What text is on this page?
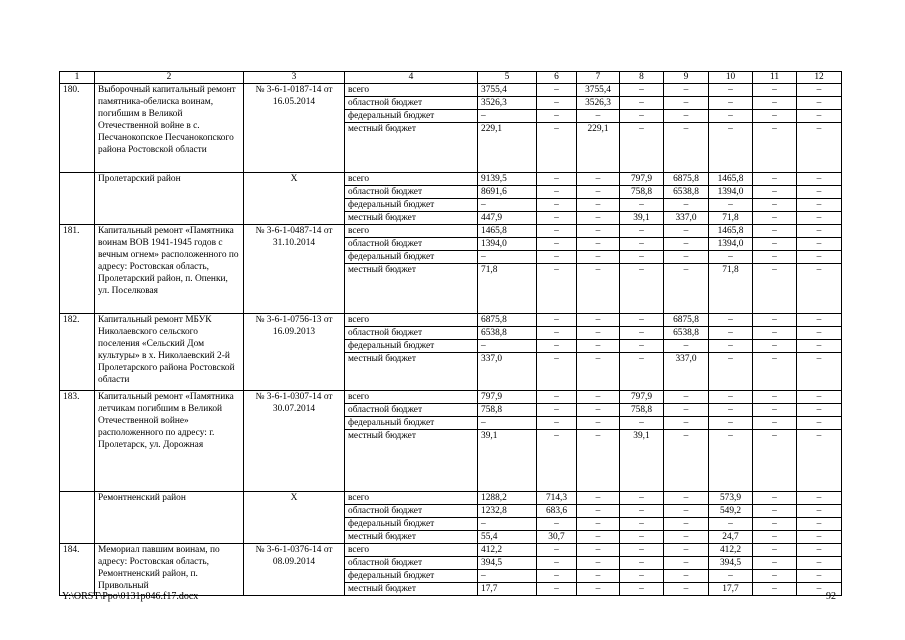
1	2	3	4	5	6	7	8	9	10	11	12
180.	Выборочный капитальный ремонт памятника-обелиска воинам, погибшим в Великой Отечественной войне в с. Песчанокопское Песчанокопского района Ростовской области	№ 3-6-1-0187-14 от 16.05.2014	всего	3755,4	–	3755,4	–	–	–	–	–
			областной бюджет	3526,3	–	3526,3	–	–	–	–	–
			федеральный бюджет	–	–	–	–	–	–	–	–
			местный бюджет	229,1	–	229,1	–	–	–	–	–
	Пролетарский район	Х	всего	9139,5	–	–	797,9	6875,8	1465,8	–	–
			областной бюджет	8691,6	–	–	758,8	6538,8	1394,0	–	–
			федеральный бюджет	–	–	–	–	–	–	–	–
			местный бюджет	447,9	–	–	39,1	337,0	71,8	–	–
181.	Капитальный ремонт «Памятника воинам ВОВ 1941-1945 годов с вечным огнем» расположенного по адресу: Ростовская область, Пролетарский район, п. Опенки, ул. Поселковая	№ 3-6-1-0487-14 от 31.10.2014	всего	1465,8	–	–	–	–	1465,8	–	–
			областной бюджет	1394,0	–	–	–	–	1394,0	–	–
			федеральный бюджет	–	–	–	–	–	–	–	–
			местный бюджет	71,8	–	–	–	–	71,8	–	–
182.	Капитальный ремонт МБУК Николаевского сельского поселения «Сельский Дом культуры» в х. Николаевский 2-й Пролетарского района Ростовской области	№ 3-6-1-0756-13 от 16.09.2013	всего	6875,8	–	–	–	6875,8	–	–	–
			областной бюджет	6538,8	–	–	–	6538,8	–	–	–
			федеральный бюджет	–	–	–	–	–	–	–	–
			местный бюджет	337,0	–	–	–	337,0	–	–	–
183.	Капитальный ремонт «Памятника летчикам погибшим в Великой Отечественной войне» расположенного по адресу: г. Пролетарск, ул. Дорожная	№ 3-6-1-0307-14 от 30.07.2014	всего	797,9	–	–	797,9	–	–	–	–
			областной бюджет	758,8	–	–	758,8	–	–	–	–
			федеральный бюджет	–	–	–	–	–	–	–	–
			местный бюджет	39,1	–	–	39,1	–	–	–	–
	Ремонтненский район	Х	всего	1288,2	714,3	–	–	–	573,9	–	–
			областной бюджет	1232,8	683,6	–	–	–	549,2	–	–
			федеральный бюджет	–	–	–	–	–	–	–	–
			местный бюджет	55,4	30,7	–	–	–	24,7	–	–
184.	Мемориал павшим воинам, по адресу: Ростовская область, Ремонтненский район, п. Привольный	№ 3-6-1-0376-14 от 08.09.2014	всего	412,2	–	–	–	–	412,2	–	–
			областной бюджет	394,5	–	–	–	–	394,5	–	–
			федеральный бюджет	–	–	–	–	–	–	–	–
			местный бюджет	17,7	–	–	–	–	17,7	–	–
Y:\ORST\Ppo\0131p046.f17.docx	92
